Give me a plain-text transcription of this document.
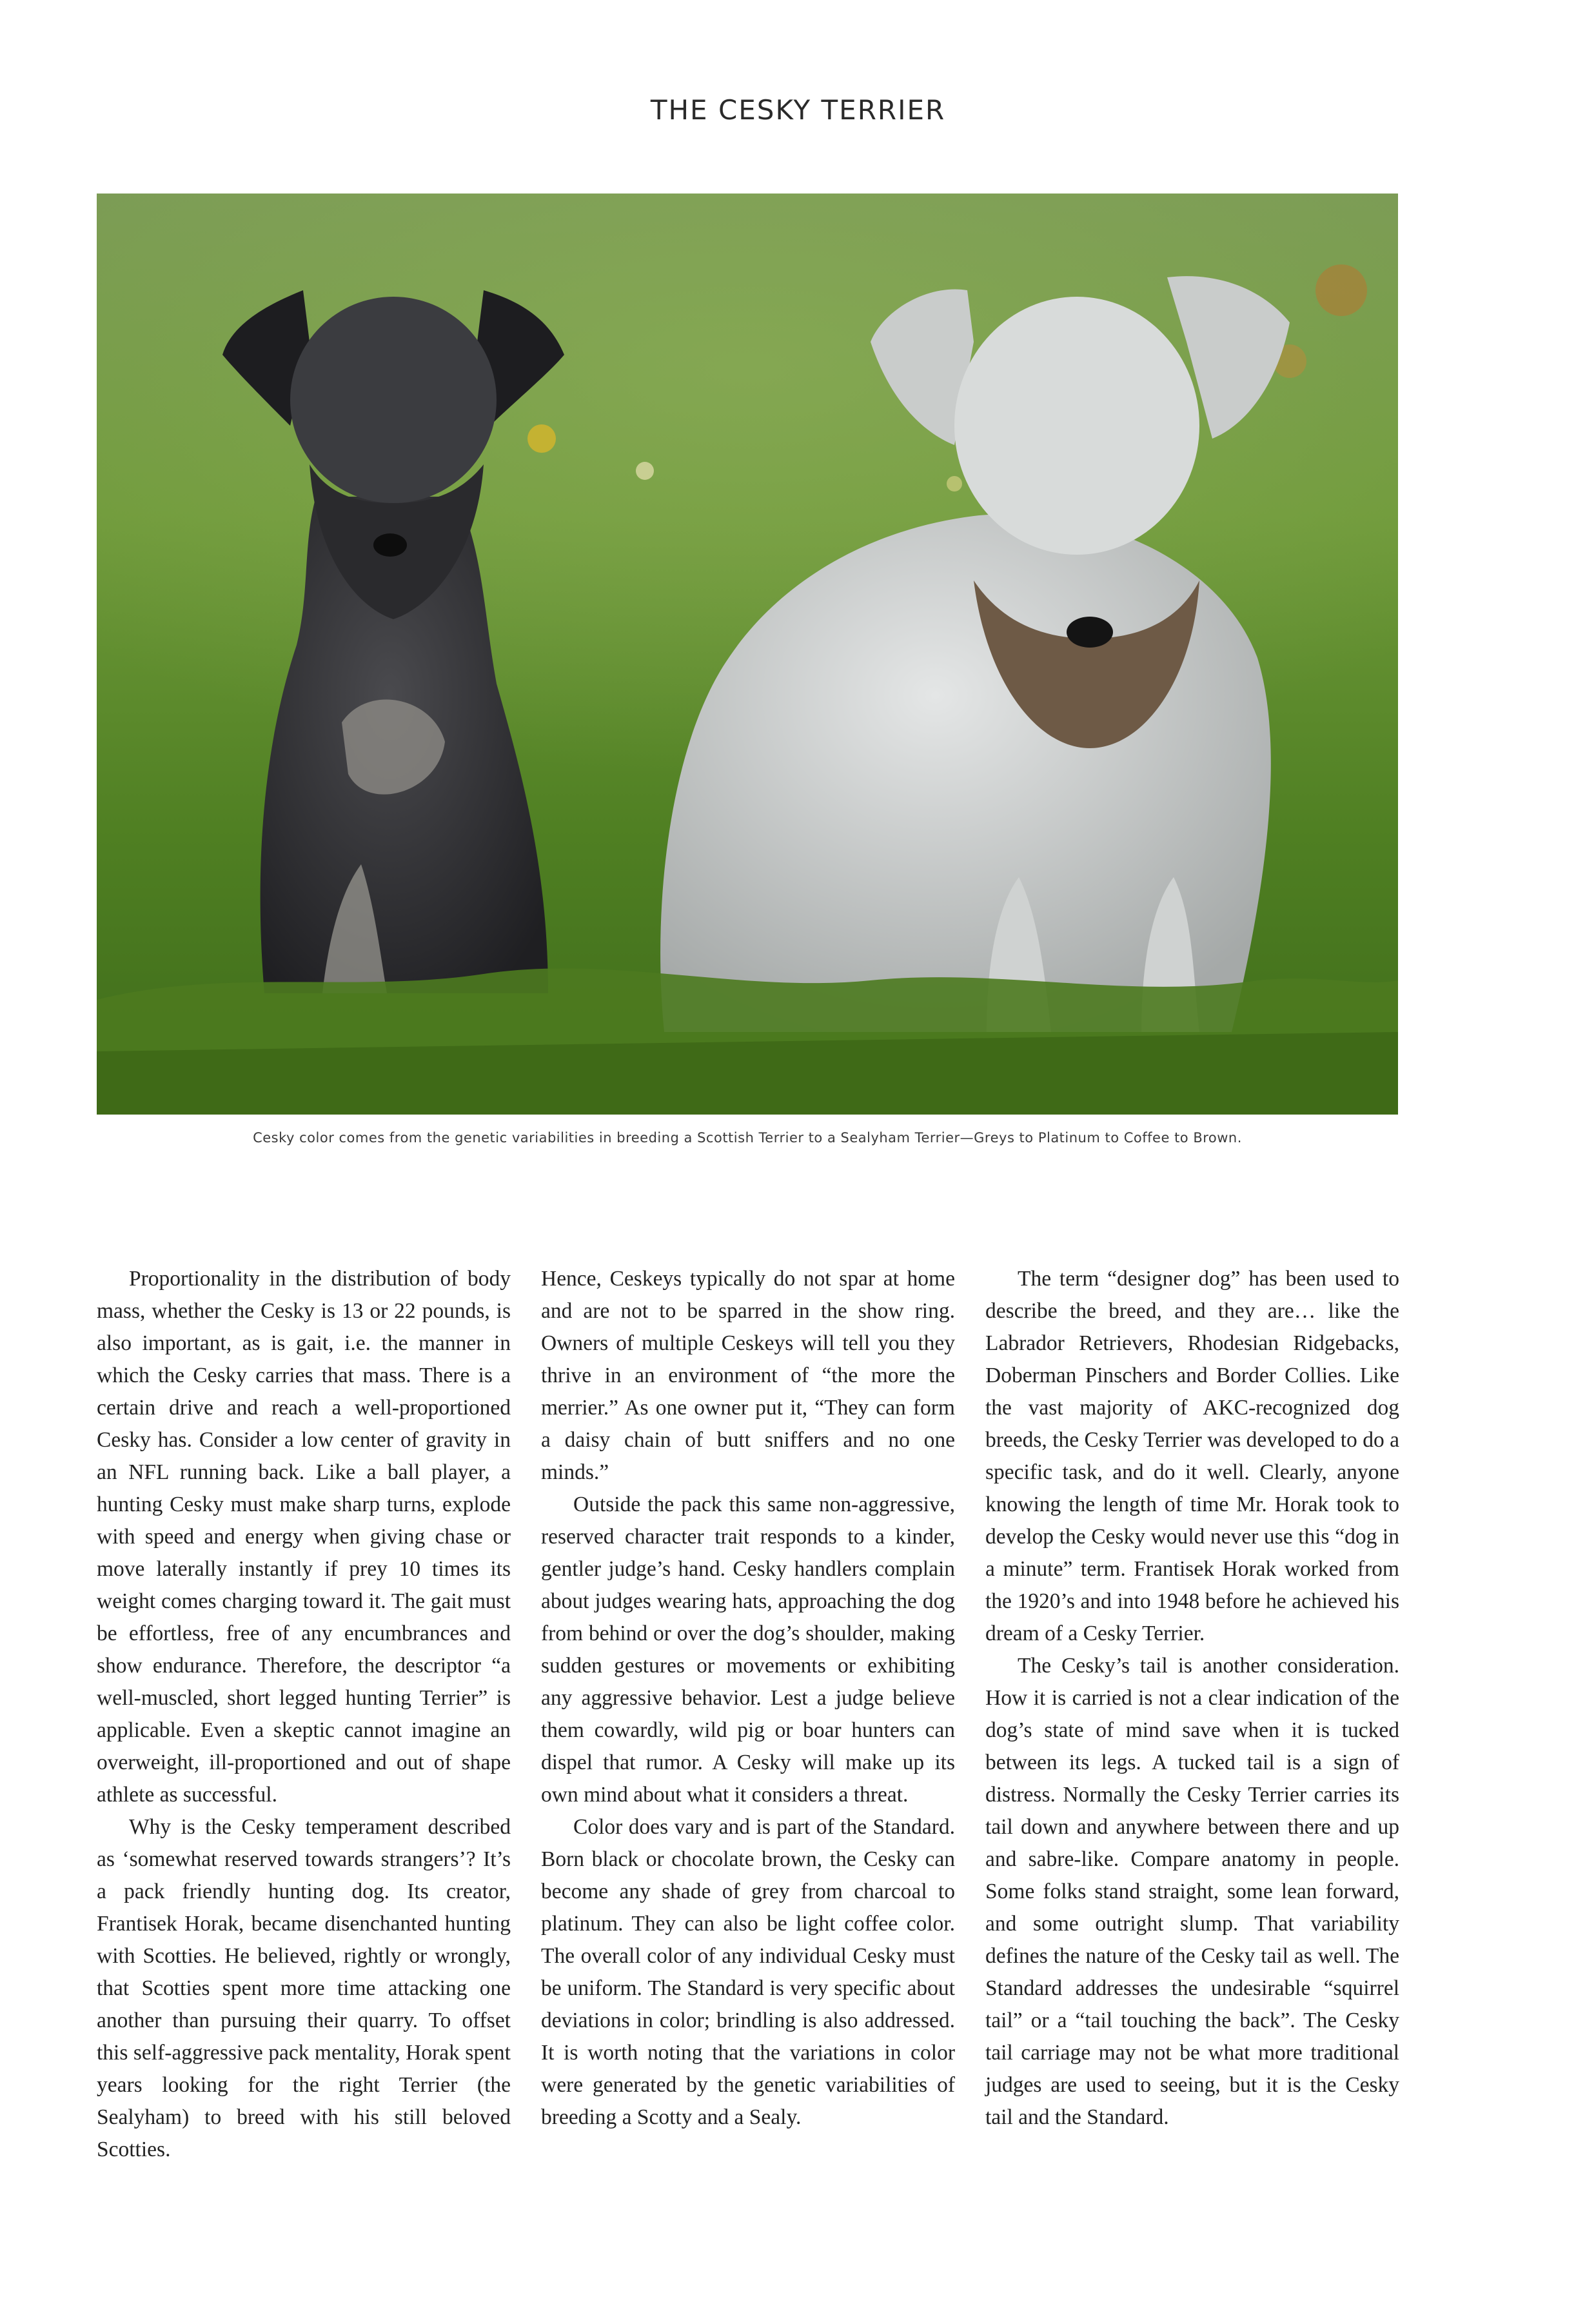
THE CESKY TERRIER
Cesky color comes from the genetic variabilities in breeding a Scottish Terrier to a Sealyham Terrier—Greys to Platinum to Coffee to Brown.

Proportionality in the distribution of body mass, whether the Cesky is 13 or 22 pounds, is also important, as is gait, i.e. the manner in which the Cesky carries that mass. There is a certain drive and reach a well-proportioned Cesky has. Consider a low center of gravity in an NFL running back. Like a ball player, a hunting Cesky must make sharp turns, explode with speed and energy when giving chase or move laterally instantly if prey 10 times its weight comes charging toward it. The gait must be effortless, free of any encumbrances and show endurance. Therefore, the descriptor “a well-muscled, short legged hunting Terrier” is applicable. Even a skeptic cannot imagine an overweight, ill-proportioned and out of shape athlete as successful.

Why is the Cesky temperament described as ‘somewhat reserved towards strangers’? It’s a pack friendly hunting dog. Its creator, Frantisek Horak, became disenchanted hunting with Scotties. He believed, rightly or wrongly, that Scotties spent more time attacking one another than pursuing their quarry. To offset this self-aggressive pack mentality, Horak spent years looking for the right Terrier (the Sealyham) to breed with his still beloved Scotties.

Hence, Ceskeys typically do not spar at home and are not to be sparred in the show ring. Owners of multiple Ceskeys will tell you they thrive in an environment of “the more the merrier.” As one owner put it, “They can form a daisy chain of butt sniffers and no one minds.”

Outside the pack this same non-aggressive, reserved character trait responds to a kinder, gentler judge’s hand. Cesky handlers complain about judges wearing hats, approaching the dog from behind or over the dog’s shoulder, making sudden gestures or movements or exhibiting any aggressive behavior. Lest a judge believe them cowardly, wild pig or boar hunters can dispel that rumor. A Cesky will make up its own mind about what it considers a threat.

Color does vary and is part of the Standard. Born black or chocolate brown, the Cesky can become any shade of grey from charcoal to platinum. They can also be light coffee color. The overall color of any individual Cesky must be uniform. The Standard is very specific about deviations in color; brindling is also addressed. It is worth noting that the variations in color were generated by the genetic variabilities of breeding a Scotty and a Sealy.

The term “designer dog” has been used to describe the breed, and they are… like the Labrador Retrievers, Rhodesian Ridgebacks, Doberman Pinschers and Border Collies. Like the vast majority of AKC-recognized dog breeds, the Cesky Terrier was developed to do a specific task, and do it well. Clearly, anyone knowing the length of time Mr. Horak took to develop the Cesky would never use this “dog in a minute” term. Frantisek Horak worked from the 1920’s and into 1948 before he achieved his dream of a Cesky Terrier.

The Cesky’s tail is another consideration. How it is carried is not a clear indication of the dog’s state of mind save when it is tucked between its legs. A tucked tail is a sign of distress. Normally the Cesky Terrier carries its tail down and anywhere between there and up and sabre-like. Compare anatomy in people. Some folks stand straight, some lean forward, and some outright slump. That variability defines the nature of the Cesky tail as well. The Standard addresses the undesirable “squirrel tail” or a “tail touching the back”. The Cesky tail carriage may not be what more traditional judges are used to seeing, but it is the Cesky tail and the Standard.
